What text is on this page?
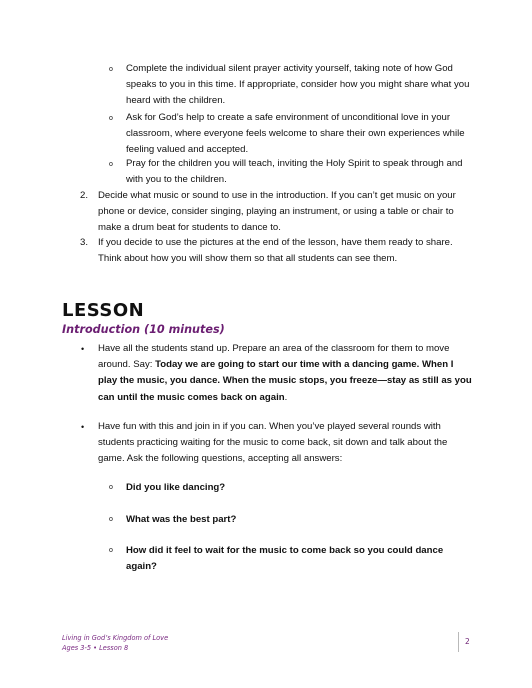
o Complete the individual silent prayer activity yourself, taking note of how God
speaks to you in this time. If appropriate, consider how you might share what you
heard with the children.
o Ask for God’s help to create a safe environment of unconditional love in your
classroom, where everyone feels welcome to share their own experiences while
feeling valued and accepted.
o Pray for the children you will teach, inviting the Holy Spirit to speak through and
with you to the children.
2. Decide what music or sound to use in the introduction. If you can’t get music on your
phone or device, consider singing, playing an instrument, or using a table or chair to
make a drum beat for students to dance to.
3. If you decide to use the pictures at the end of the lesson, have them ready to share.
Think about how you will show them so that all students can see them.
LESSON
Introduction (10 minutes)
• Have all the students stand up. Prepare an area of the classroom for them to move
around. Say: Today we are going to start our time with a dancing game. When I
play the music, you dance. When the music stops, you freeze—stay as still as you
can until the music comes back on again.
• Have fun with this and join in if you can. When you’ve played several rounds with
students practicing waiting for the music to come back, sit down and talk about the
game. Ask the following questions, accepting all answers:
o Did you like dancing?
o What was the best part?
o How did it feel to wait for the music to come back so you could dance
again?
Living in God’s Kingdom of Love
Ages 3-5 • Lesson 8
2
